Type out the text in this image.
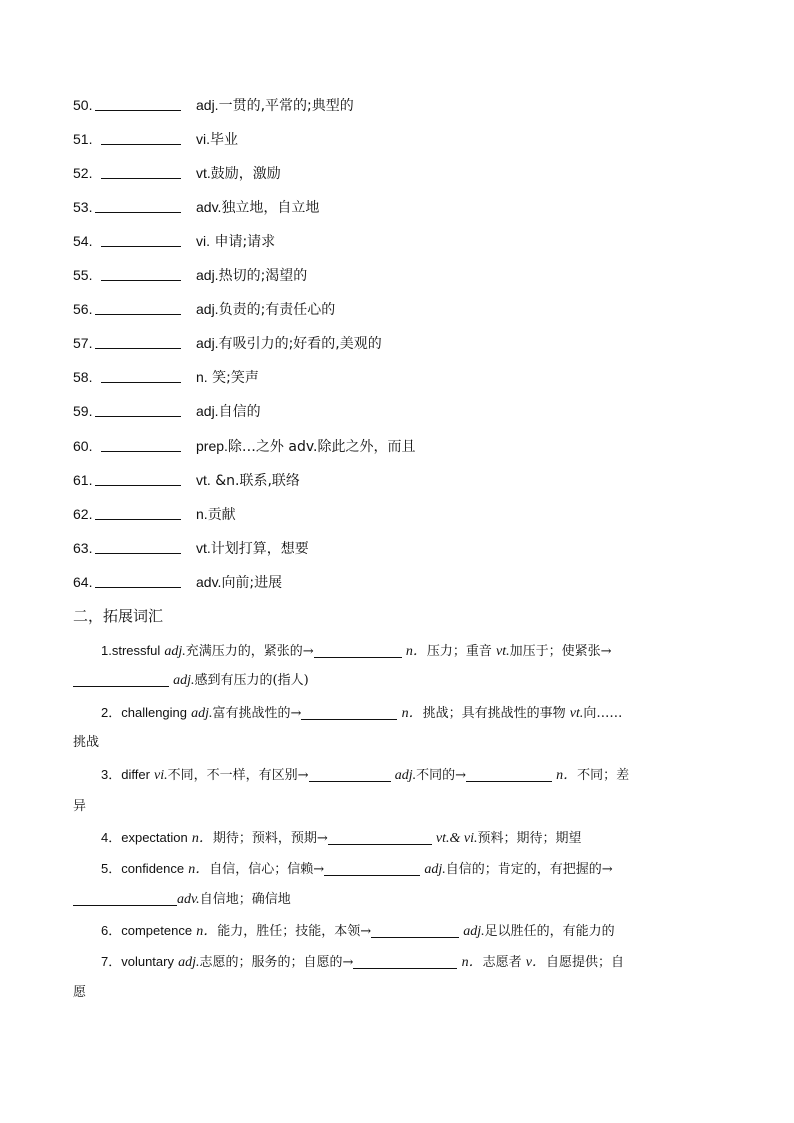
50.	adj.一贯的,平常的;典型的
51.	vi.毕业
52.	vt.鼓励，激励
53.	adv.独立地，自立地
54.	vi. 申请;请求
55.	adj.热切的;渴望的
56.	adj.负责的;有责任心的
57.	adj.有吸引力的;好看的,美观的
58.	n. 笑;笑声
59.	adj.自信的
60.	prep.除…之外 adv.除此之外，而且
61.	vt. &n.联系,联络
62.	n.贡献
63.	vt.计划打算，想要
64.	adv.向前;进展
二，拓展词汇
1.stressful adj.充满压力的，紧张的→	n．压力；重音 vt.加压于；使紧张→
adj.感到有压力的(指人)
2．challenging adj.富有挑战性的→	n．挑战；具有挑战性的事物 vt.向……
挑战
3．differ vi.不同，不一样，有区别→	adj.不同的→	n．不同；差
异
4．expectation n．期待；预料，预期→	vt.& vi.预料；期待；期望
5．confidence n．自信，信心；信赖→	adj.自信的；肯定的，有把握的→
adv.自信地；确信地
6．competence n．能力，胜任；技能，本领→	adj.足以胜任的，有能力的
7．voluntary adj.志愿的；服务的；自愿的→	n．志愿者 v．自愿提供；自
愿
